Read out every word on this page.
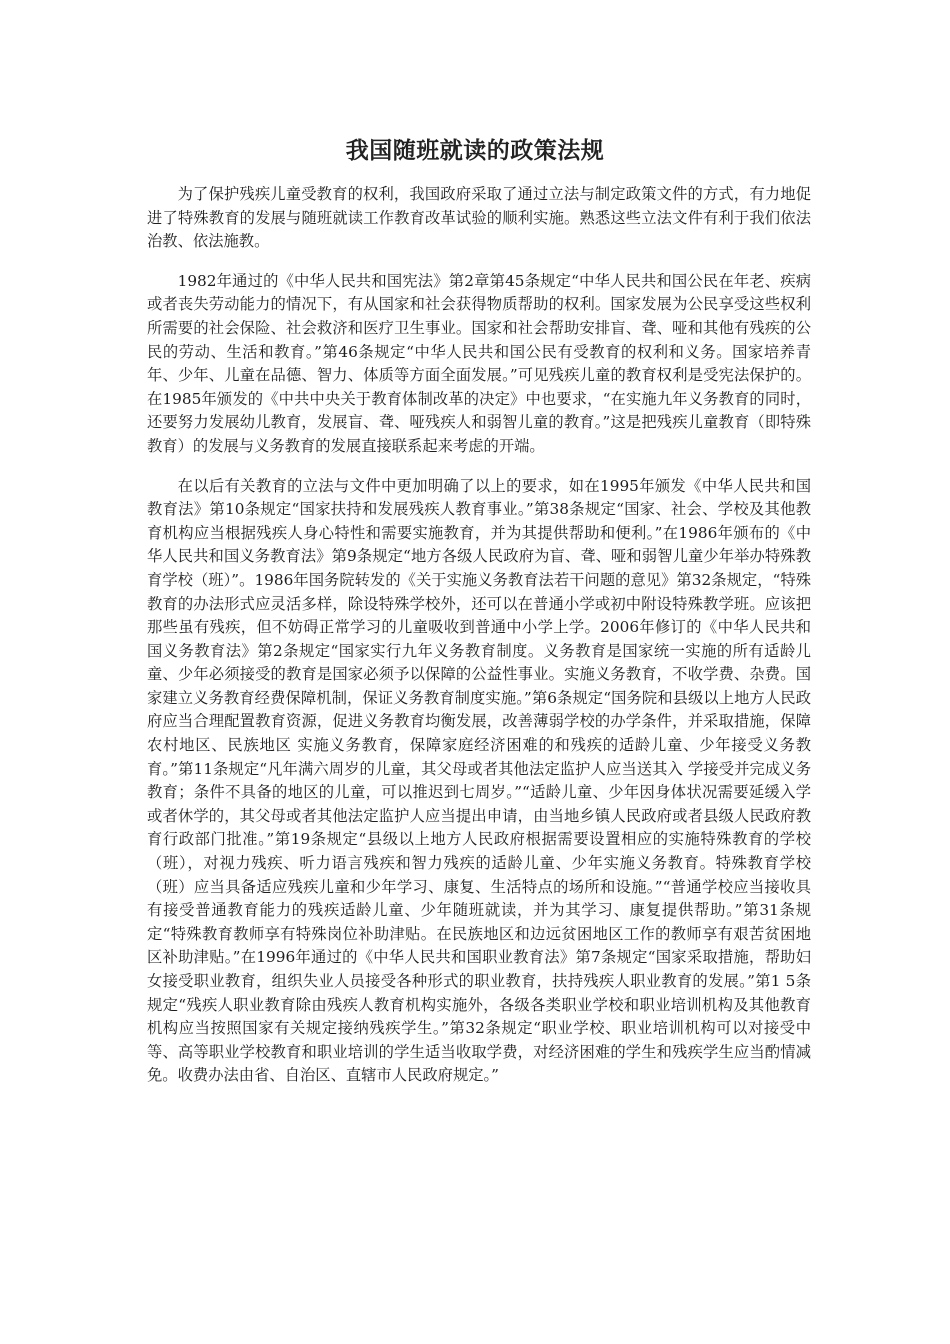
我国随班就读的政策法规

为了保护残疾儿童受教育的权利，我国政府采取了通过立法与制定政策文件的方式，有力地促进了特殊教育的发展与随班就读工作教育改革试验的顺利实施。熟悉这些立法文件有利于我们依法治教、依法施教。

1982年通过的《中华人民共和国宪法》第2章第45条规定“中华人民共和国公民在年老、疾病或者丧失劳动能力的情况下，有从国家和社会获得物质帮助的权利。国家发展为公民享受这些权利所需要的社会保险、社会救济和医疗卫生事业。国家和社会帮助安排盲、聋、哑和其他有残疾的公民的劳动、生活和教育。”第46条规定“中华人民共和国公民有受教育的权利和义务。国家培养青年、少年、儿童在品德、智力、体质等方面全面发展。”可见残疾儿童的教育权利是受宪法保护的。在1985年颁发的《中共中央关于教育体制改革的决定》中也要求，“在实施九年义务教育的同时，还要努力发展幼儿教育，发展盲、聋、哑残疾人和弱智儿童的教育。”这是把残疾儿童教育（即特殊教育）的发展与义务教育的发展直接联系起来考虑的开端。

在以后有关教育的立法与文件中更加明确了以上的要求，如在1995年颁发《中华人民共和国教育法》第10条规定“国家扶持和发展残疾人教育事业。”第38条规定“国家、社会、学校及其他教育机构应当根据残疾人身心特性和需要实施教育，并为其提供帮助和便利。”在1986年颁布的《中华人民共和国义务教育法》第9条规定“地方各级人民政府为盲、聋、哑和弱智儿童少年举办特殊教育学校（班）”。1986年国务院转发的《关于实施义务教育法若干问题的意见》第32条规定，“特殊教育的办法形式应灵活多样，除设特殊学校外，还可以在普通小学或初中附设特殊教学班。应该把那些虽有残疾，但不妨碍正常学习的儿童吸收到普通中小学上学。2006年修订的《中华人民共和国义务教育法》第2条规定“国家实行九年义务教育制度。义务教育是国家统一实施的所有适龄儿童、少年必须接受的教育是国家必须予以保障的公益性事业。实施义务教育，不收学费、杂费。国家建立义务教育经费保障机制，保证义务教育制度实施。”第6条规定“国务院和县级以上地方人民政府应当合理配置教育资源，促进义务教育均衡发展，改善薄弱学校的办学条件，并采取措施，保障农村地区、民族地区 实施义务教育，保障家庭经济困难的和残疾的适龄儿童、少年接受义务教育。”第11条规定“凡年满六周岁的儿童，其父母或者其他法定监护人应当送其入 学接受并完成义务教育；条件不具备的地区的儿童，可以推迟到七周岁。”“适龄儿童、少年因身体状况需要延缓入学或者休学的，其父母或者其他法定监护人应当提出申请，由当地乡镇人民政府或者县级人民政府教育行政部门批准。”第19条规定“县级以上地方人民政府根据需要设置相应的实施特殊教育的学校（班），对视力残疾、听力语言残疾和智力残疾的适龄儿童、少年实施义务教育。特殊教育学校（班）应当具备适应残疾儿童和少年学习、康复、生活特点的场所和设施。”“普通学校应当接收具有接受普通教育能力的残疾适龄儿童、少年随班就读，并为其学习、康复提供帮助。”第31条规定“特殊教育教师享有特殊岗位补助津贴。在民族地区和边远贫困地区工作的教师享有艰苦贫困地区补助津贴。”在1996年通过的《中华人民共和国职业教育法》第7条规定“国家采取措施，帮助妇女接受职业教育，组织失业人员接受各种形式的职业教育，扶持残疾人职业教育的发展。”第1 5条规定“残疾人职业教育除由残疾人教育机构实施外，各级各类职业学校和职业培训机构及其他教育机构应当按照国家有关规定接纳残疾学生。”第32条规定“职业学校、职业培训机构可以对接受中等、高等职业学校教育和职业培训的学生适当收取学费，对经济困难的学生和残疾学生应当酌情减免。收费办法由省、自治区、直辖市人民政府规定。”
